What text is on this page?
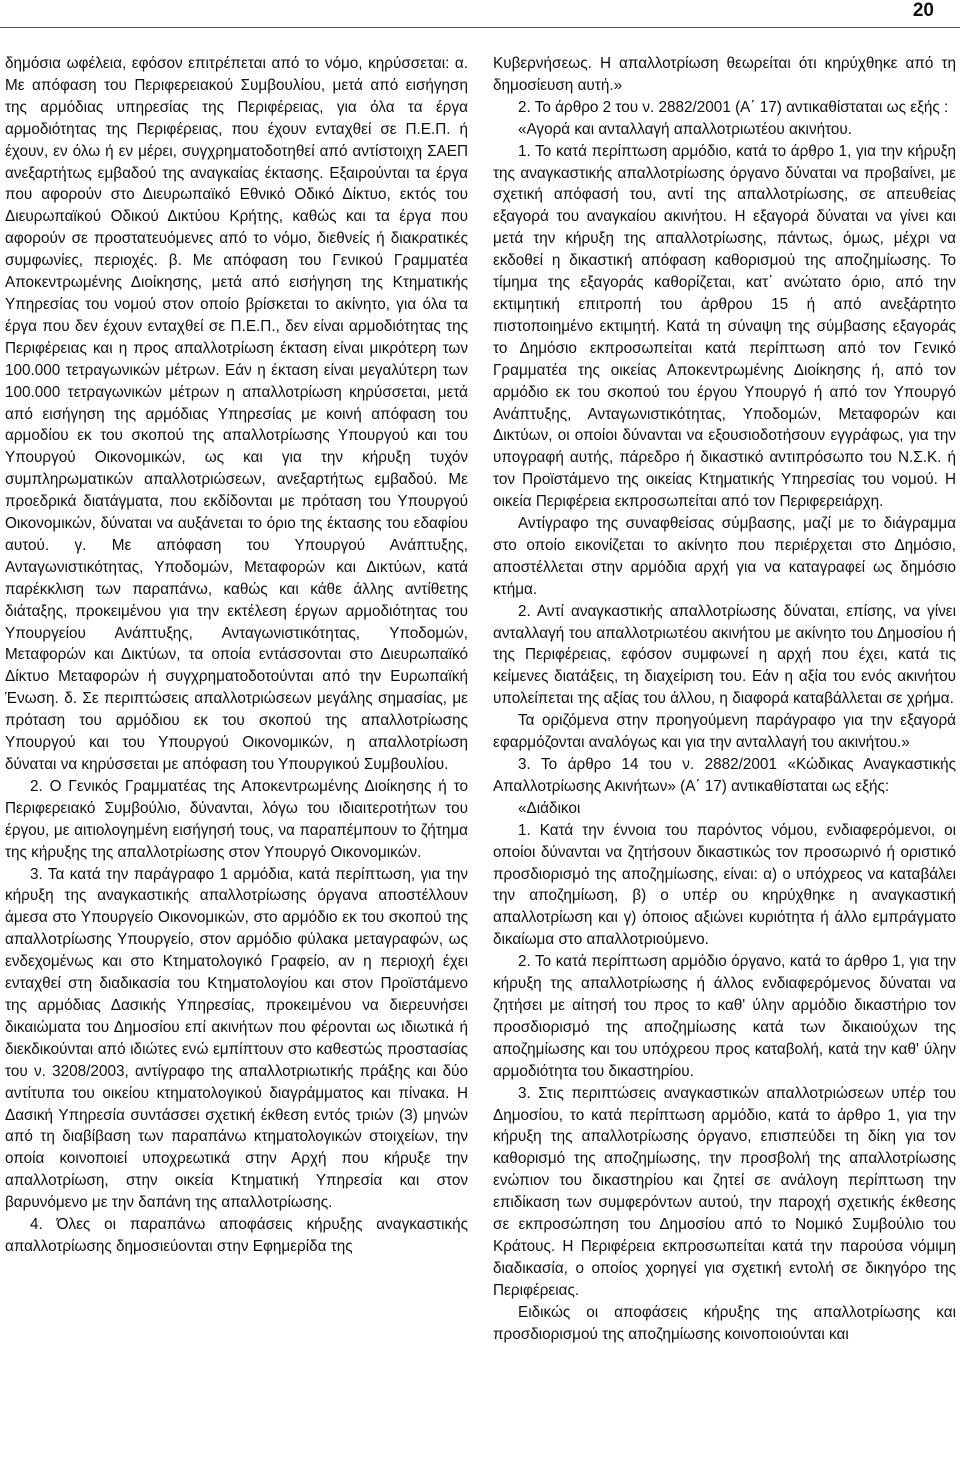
20

δημόσια ωφέλεια, εφόσον επιτρέπεται από το νόμο, κηρύσσεται: α. Με απόφαση του Περιφερειακού Συμβουλίου, μετά από εισήγηση της αρμόδιας υπηρεσίας της Περιφέρειας, για όλα τα έργα αρμοδιότητας της Περιφέρειας, που έχουν ενταχθεί σε Π.Ε.Π. ή έχουν, εν όλω ή εν μέρει, συγχρηματοδοτηθεί από αντίστοιχη ΣΑΕΠ ανεξαρτήτως εμβαδού της αναγκαίας έκτασης. Εξαιρούνται τα έργα που αφορούν στο Διευρωπαϊκό Εθνικό Οδικό Δίκτυο, εκτός του Διευρωπαϊκού Οδικού Δικτύου Κρήτης, καθώς και τα έργα που αφορούν σε προστατευόμενες από το νόμο, διεθνείς ή διακρατικές συμφωνίες, περιοχές. β. Με απόφαση του Γενικού Γραμματέα Αποκεντρωμένης Διοίκησης, μετά από εισήγηση της Κτηματικής Υπηρεσίας του νομού στον οποίο βρίσκεται το ακίνητο, για όλα τα έργα που δεν έχουν ενταχθεί σε Π.Ε.Π., δεν είναι αρμοδιότητας της Περιφέρειας και η προς απαλλοτρίωση έκταση είναι μικρότερη των 100.000 τετραγωνικών μέτρων. Εάν η έκταση είναι μεγαλύτερη των 100.000 τετραγωνικών μέτρων η απαλλοτρίωση κηρύσσεται, μετά από εισήγηση της αρμόδιας Υπηρεσίας με κοινή απόφαση του αρμοδίου εκ του σκοπού της απαλλοτρίωσης Υπουργού και του Υπουργού Οικονομικών, ως και για την κήρυξη τυχόν συμπληρωματικών απαλλοτριώσεων, ανεξαρτήτως εμβαδού. Με προεδρικά διατάγματα, που εκδίδονται με πρόταση του Υπουργού Οικονομικών, δύναται να αυξάνεται το όριο της έκτασης του εδαφίου αυτού. γ. Με απόφαση του Υπουργού Ανάπτυξης, Ανταγωνιστικότητας, Υποδομών, Μεταφορών και Δικτύων, κατά παρέκκλιση των παραπάνω, καθώς και κάθε άλλης αντίθετης διάταξης, προκειμένου για την εκτέλεση έργων αρμοδιότητας του Υπουργείου Ανάπτυξης, Ανταγωνιστικότητας, Υποδομών, Μεταφορών και Δικτύων, τα οποία εντάσσονται στο Διευρωπαϊκό Δίκτυο Μεταφορών ή συγχρηματοδοτούνται από την Ευρωπαϊκή Ένωση. δ. Σε περιπτώσεις απαλλοτριώσεων μεγάλης σημασίας, με πρόταση του αρμόδιου εκ του σκοπού της απαλλοτρίωσης Υπουργού και του Υπουργού Οικονομικών, η απαλλοτρίωση δύναται να κηρύσσεται με απόφαση του Υπουργικού Συμβουλίου.

2. Ο Γενικός Γραμματέας της Αποκεντρωμένης Διοίκησης ή το Περιφερειακό Συμβούλιο, δύνανται, λόγω του ιδιαιτεροτήτων του έργου, με αιτιολογημένη εισήγησή τους, να παραπέμπουν το ζήτημα της κήρυξης της απαλλοτρίωσης στον Υπουργό Οικονομικών.

3. Τα κατά την παράγραφο 1 αρμόδια, κατά περίπτωση, για την κήρυξη της αναγκαστικής απαλλοτρίωσης όργανα αποστέλλουν άμεσα στο Υπουργείο Οικονομικών, στο αρμόδιο εκ του σκοπού της απαλλοτρίωσης Υπουργείο, στον αρμόδιο φύλακα μεταγραφών, ως ενδεχομένως και στο Κτηματολογικό Γραφείο, αν η περιοχή έχει ενταχθεί στη διαδικασία του Κτηματολογίου και στον Προϊστάμενο της αρμόδιας Δασικής Υπηρεσίας, προκειμένου να διερευνήσει δικαιώματα του Δημοσίου επί ακινήτων που φέρονται ως ιδιωτικά ή διεκδικούνται από ιδιώτες ενώ εμπίπτουν στο καθεστώς προστασίας του ν. 3208/2003, αντίγραφο της απαλλοτριωτικής πράξης και δύο αντίτυπα του οικείου κτηματολογικού διαγράμματος και πίνακα. Η Δασική Υπηρεσία συντάσσει σχετική έκθεση εντός τριών (3) μηνών από τη διαβίβαση των παραπάνω κτηματολογικών στοιχείων, την οποία κοινοποιεί υποχρεωτικά στην Αρχή που κήρυξε την απαλλοτρίωση, στην οικεία Κτηματική Υπηρεσία και στον βαρυνόμενο με την δαπάνη της απαλλοτρίωσης.

4. Όλες οι παραπάνω αποφάσεις κήρυξης αναγκαστικής απαλλοτρίωσης δημοσιεύονται στην Εφημερίδα της

Κυβερνήσεως. Η απαλλοτρίωση θεωρείται ότι κηρύχθηκε από τη δημοσίευση αυτή.»

2. Το άρθρο 2 του ν. 2882/2001 (Α΄ 17) αντικαθίσταται ως εξής :

«Αγορά και ανταλλαγή απαλλοτριωτέου ακινήτου.

1. Το κατά περίπτωση αρμόδιο, κατά το άρθρο 1, για την κήρυξη της αναγκαστικής απαλλοτρίωσης όργανο δύναται να προβαίνει, με σχετική απόφασή του, αντί της απαλλοτρίωσης, σε απευθείας εξαγορά του αναγκαίου ακινήτου. Η εξαγορά δύναται να γίνει και μετά την κήρυξη της απαλλοτρίωσης, πάντως, όμως, μέχρι να εκδοθεί η δικαστική απόφαση καθορισμού της αποζημίωσης. Το τίμημα της εξαγοράς καθορίζεται, κατ΄ ανώτατο όριο, από την εκτιμητική επιτροπή του άρθρου 15 ή από ανεξάρτητο πιστοποιημένο εκτιμητή. Κατά τη σύναψη της σύμβασης εξαγοράς το Δημόσιο εκπροσωπείται κατά περίπτωση από τον Γενικό Γραμματέα της οικείας Αποκεντρωμένης Διοίκησης ή, από τον αρμόδιο εκ του σκοπού του έργου Υπουργό ή από τον Υπουργό Ανάπτυξης, Ανταγωνιστικότητας, Υποδομών, Μεταφορών και Δικτύων, οι οποίοι δύνανται να εξουσιοδοτήσουν εγγράφως, για την υπογραφή αυτής, πάρεδρο ή δικαστικό αντιπρόσωπο του Ν.Σ.Κ. ή τον Προϊστάμενο της οικείας Κτηματικής Υπηρεσίας του νομού. Η οικεία Περιφέρεια εκπροσωπείται από τον Περιφερειάρχη.

Αντίγραφο της συναφθείσας σύμβασης, μαζί με το διάγραμμα στο οποίο εικονίζεται το ακίνητο που περιέρχεται στο Δημόσιο, αποστέλλεται στην αρμόδια αρχή για να καταγραφεί ως δημόσιο κτήμα.

2. Αντί αναγκαστικής απαλλοτρίωσης δύναται, επίσης, να γίνει ανταλλαγή του απαλλοτριωτέου ακινήτου με ακίνητο του Δημοσίου ή της Περιφέρειας, εφόσον συμφωνεί η αρχή που έχει, κατά τις κείμενες διατάξεις, τη διαχείριση του. Εάν η αξία του ενός ακινήτου υπολείπεται της αξίας του άλλου, η διαφορά καταβάλλεται σε χρήμα.

Τα οριζόμενα στην προηγούμενη παράγραφο για την εξαγορά εφαρμόζονται αναλόγως και για την ανταλλαγή του ακινήτου.»

3. Το άρθρο 14 του ν. 2882/2001 «Κώδικας Αναγκαστικής Απαλλοτρίωσης Ακινήτων» (Α΄ 17) αντικαθίσταται ως εξής:

«Διάδικοι

1. Κατά την έννοια του παρόντος νόμου, ενδιαφερόμενοι, οι οποίοι δύνανται να ζητήσουν δικαστικώς τον προσωρινό ή οριστικό προσδιορισμό της αποζημίωσης, είναι: α) ο υπόχρεος να καταβάλει την αποζημίωση, β) ο υπέρ ου κηρύχθηκε η αναγκαστική απαλλοτρίωση και γ) όποιος αξιώνει κυριότητα ή άλλο εμπράγματο δικαίωμα στο απαλλοτριούμενο.

2. Το κατά περίπτωση αρμόδιο όργανο, κατά το άρθρο 1, για την κήρυξη της απαλλοτρίωσης ή άλλος ενδιαφερόμενος δύναται να ζητήσει με αίτησή του προς το καθ' ύλην αρμόδιο δικαστήριο τον προσδιορισμό της αποζημίωσης κατά των δικαιούχων της αποζημίωσης και του υπόχρεου προς καταβολή, κατά την καθ' ύλην αρμοδιότητα του δικαστηρίου.

3. Στις περιπτώσεις αναγκαστικών απαλλοτριώσεων υπέρ του Δημοσίου, το κατά περίπτωση αρμόδιο, κατά το άρθρο 1, για την κήρυξη της απαλλοτρίωσης όργανο, επισπεύδει τη δίκη για τον καθορισμό της αποζημίωσης, την προσβολή της απαλλοτρίωσης ενώπιον του δικαστηρίου και ζητεί σε ανάλογη περίπτωση την επιδίκαση των συμφερόντων αυτού, την παροχή σχετικής έκθεσης σε εκπροσώπηση του Δημοσίου από το Νομικό Συμβούλιο του Κράτους. Η Περιφέρεια εκπροσωπείται κατά την παρούσα νόμιμη διαδικασία, ο οποίος χορηγεί για σχετική εντολή σε δικηγόρο της Περιφέρειας.

Ειδικώς οι αποφάσεις κήρυξης της απαλλοτρίωσης και προσδιορισμού της αποζημίωσης κοινοποιούνται και
